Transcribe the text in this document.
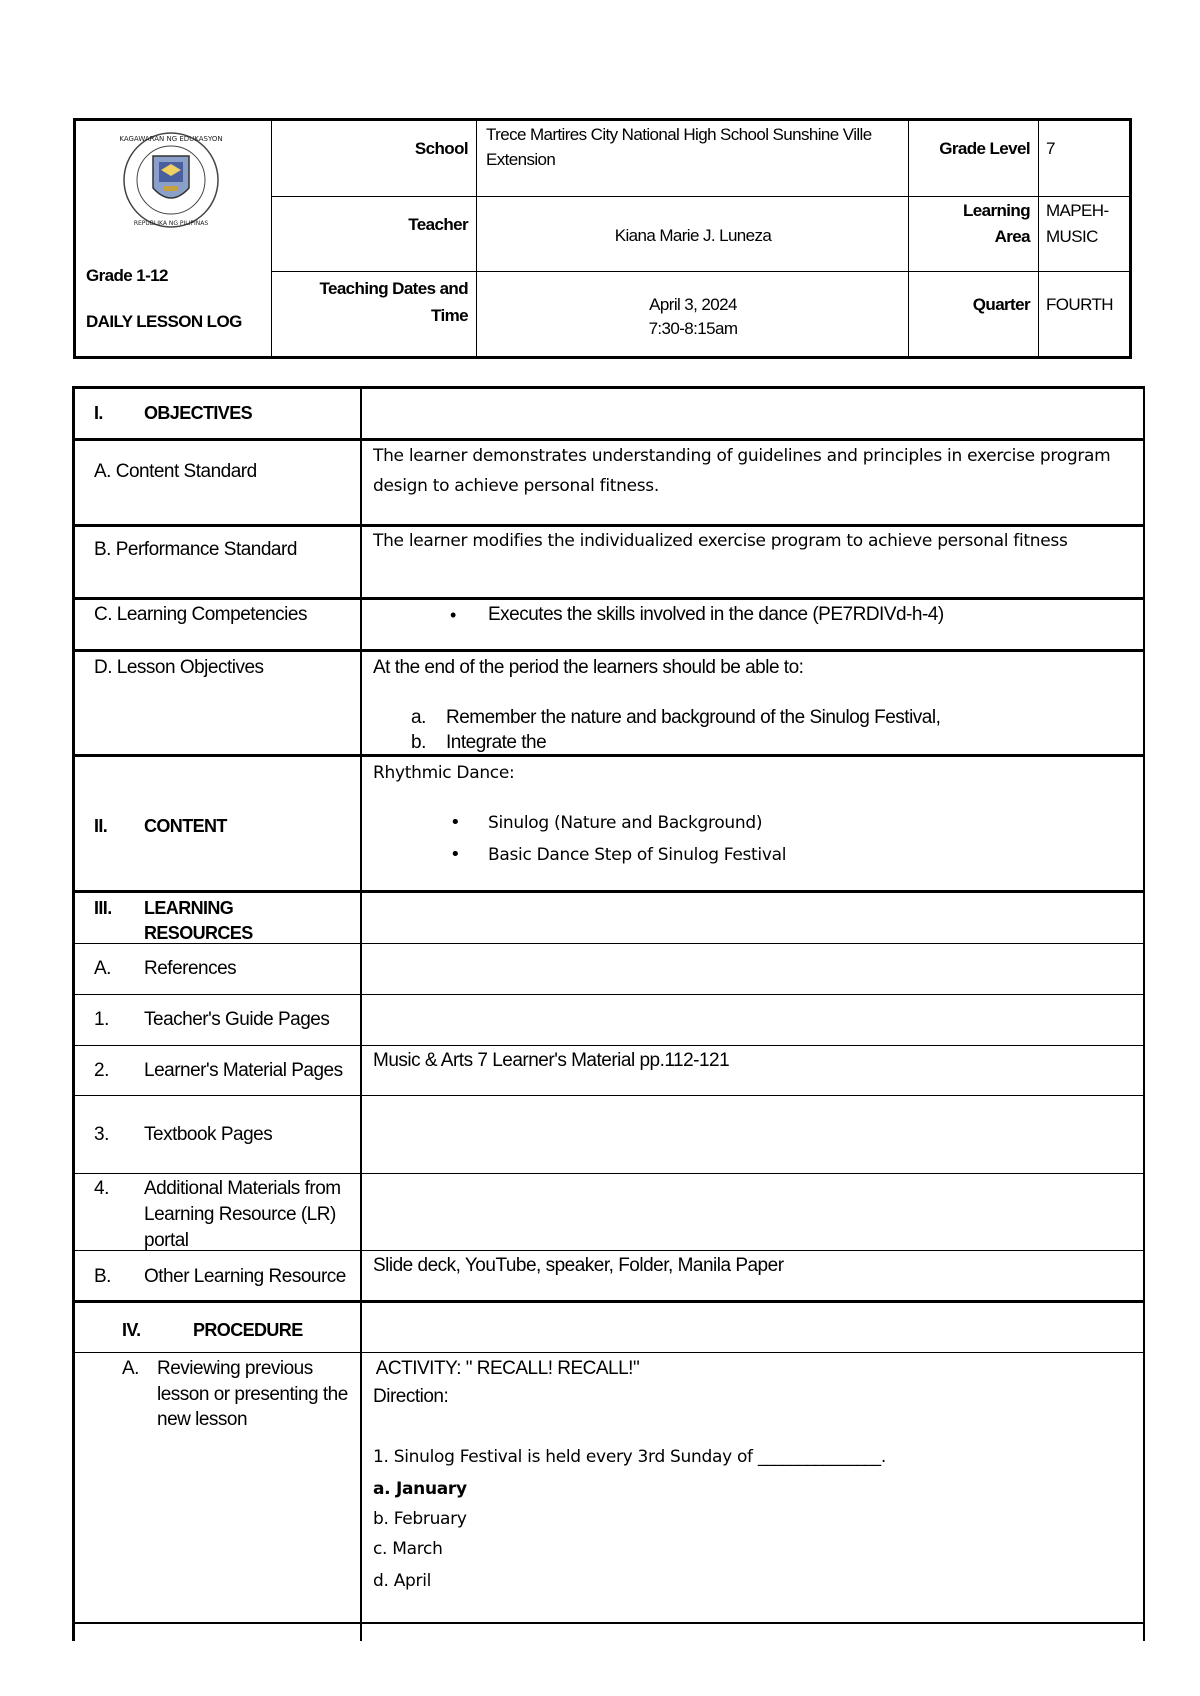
KAGAWARAN NG EDUKASYON
REPUBLIKA NG PILIPINAS
Grade 1-12
DAILY LESSON LOG
School
Trece Martires City National High School Sunshine Ville Extension
Grade Level 7
Teacher
Kiana Marie J. Luneza
Learning
Area
MAPEH-
MUSIC
Teaching Dates and
Time
April 3, 2024
7:30-8:15am
Quarter FOURTH
I. OBJECTIVES
A. Content Standard
The learner demonstrates understanding of guidelines and principles in exercise program design to achieve personal fitness.
B. Performance Standard	The learner modifies the individualized exercise program to achieve personal fitness
C. Learning Competencies
•	Executes the skills involved in the dance (PE7RDIVd-h-4)
D. Lesson Objectives	At the end of the period the learners should be able to:
a. Remember the nature and background of the Sinulog Festival,
b. Integrate the
II. CONTENT
Rhythmic Dance:
• Sinulog (Nature and Background)
• Basic Dance Step of Sinulog Festival
III. LEARNING
RESOURCES
A. References
1. Teacher's Guide Pages
2. Learner's Material Pages Music & Arts 7 Learner's Material pp.112-121
3. Textbook Pages
4. Additional Materials from
Learning Resource (LR)
portal
B. Other Learning Resource
Slide deck, YouTube, speaker, Folder, Manila Paper
IV.	PROCEDURE
A. Reviewing previous
lesson or presenting the
new lesson
ACTIVITY: " RECALL! RECALL!"
Direction:
1. Sinulog Festival is held every 3rd Sunday of _______________.
a. January
b. February
c. March
d. April
